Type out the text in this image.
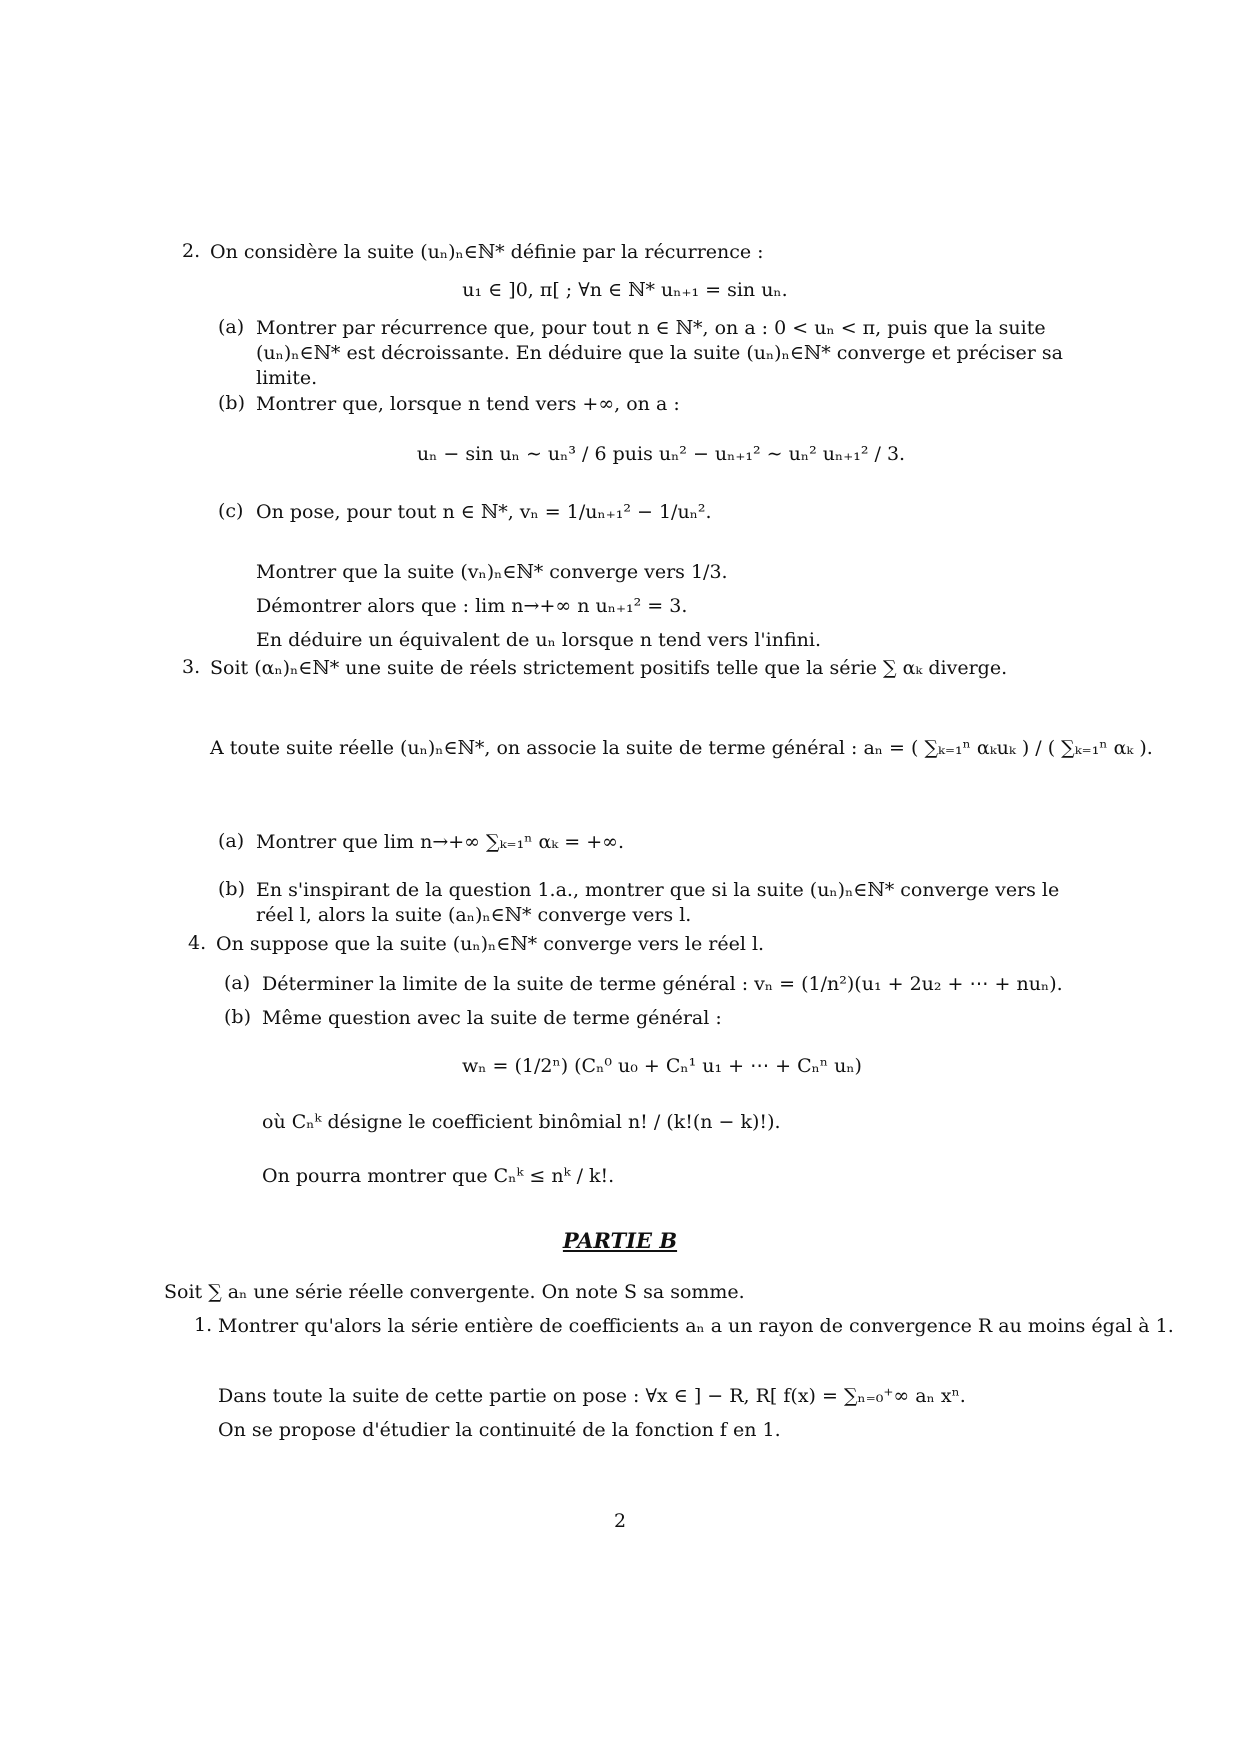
2. On considère la suite (uₙ)ₙ∈ℕ* définie par la récurrence :
u₁ ∈ ]0, π[ ; ∀n ∈ ℕ* uₙ₊₁ = sin uₙ.
(a) Montrer par récurrence que, pour tout n ∈ ℕ*, on a : 0 < uₙ < π, puis que la suite (uₙ)ₙ∈ℕ* est décroissante. En déduire que la suite (uₙ)ₙ∈ℕ* converge et préciser sa limite.
(b) Montrer que, lorsque n tend vers +∞, on a :
uₙ − sin uₙ ∼ uₙ³ / 6 puis uₙ² − uₙ₊₁² ∼ uₙ² uₙ₊₁² / 3.
(c) On pose, pour tout n ∈ ℕ*, vₙ = 1/uₙ₊₁² − 1/uₙ².
Montrer que la suite (vₙ)ₙ∈ℕ* converge vers 1/3.
Démontrer alors que : lim n→+∞ n uₙ₊₁² = 3.
En déduire un équivalent de uₙ lorsque n tend vers l'infini.
3. Soit (αₙ)ₙ∈ℕ* une suite de réels strictement positifs telle que la série ∑ αₖ diverge.
A toute suite réelle (uₙ)ₙ∈ℕ*, on associe la suite de terme général : aₙ = ( ∑ₖ₌₁ⁿ αₖuₖ ) / ( ∑ₖ₌₁ⁿ αₖ ).
(a) Montrer que lim n→+∞ ∑ₖ₌₁ⁿ αₖ = +∞.
(b) En s'inspirant de la question 1.a., montrer que si la suite (uₙ)ₙ∈ℕ* converge vers le réel l, alors la suite (aₙ)ₙ∈ℕ* converge vers l.
4. On suppose que la suite (uₙ)ₙ∈ℕ* converge vers le réel l.
(a) Déterminer la limite de la suite de terme général : vₙ = (1/n²)(u₁ + 2u₂ + ⋯ + nuₙ).
(b) Même question avec la suite de terme général :
wₙ = (1/2ⁿ) (Cₙ⁰ u₀ + Cₙ¹ u₁ + ⋯ + Cₙⁿ uₙ)
où Cₙᵏ désigne le coefficient binômial n! / (k!(n − k)!).
On pourra montrer que Cₙᵏ ≤ nᵏ / k!.
PARTIE B
Soit ∑ aₙ une série réelle convergente. On note S sa somme.
1. Montrer qu'alors la série entière de coefficients aₙ a un rayon de convergence R au moins égal à 1.
Dans toute la suite de cette partie on pose : ∀x ∈ ] − R, R[ f(x) = ∑ₙ₌₀⁺∞ aₙ xⁿ.
On se propose d'étudier la continuité de la fonction f en 1.
2
